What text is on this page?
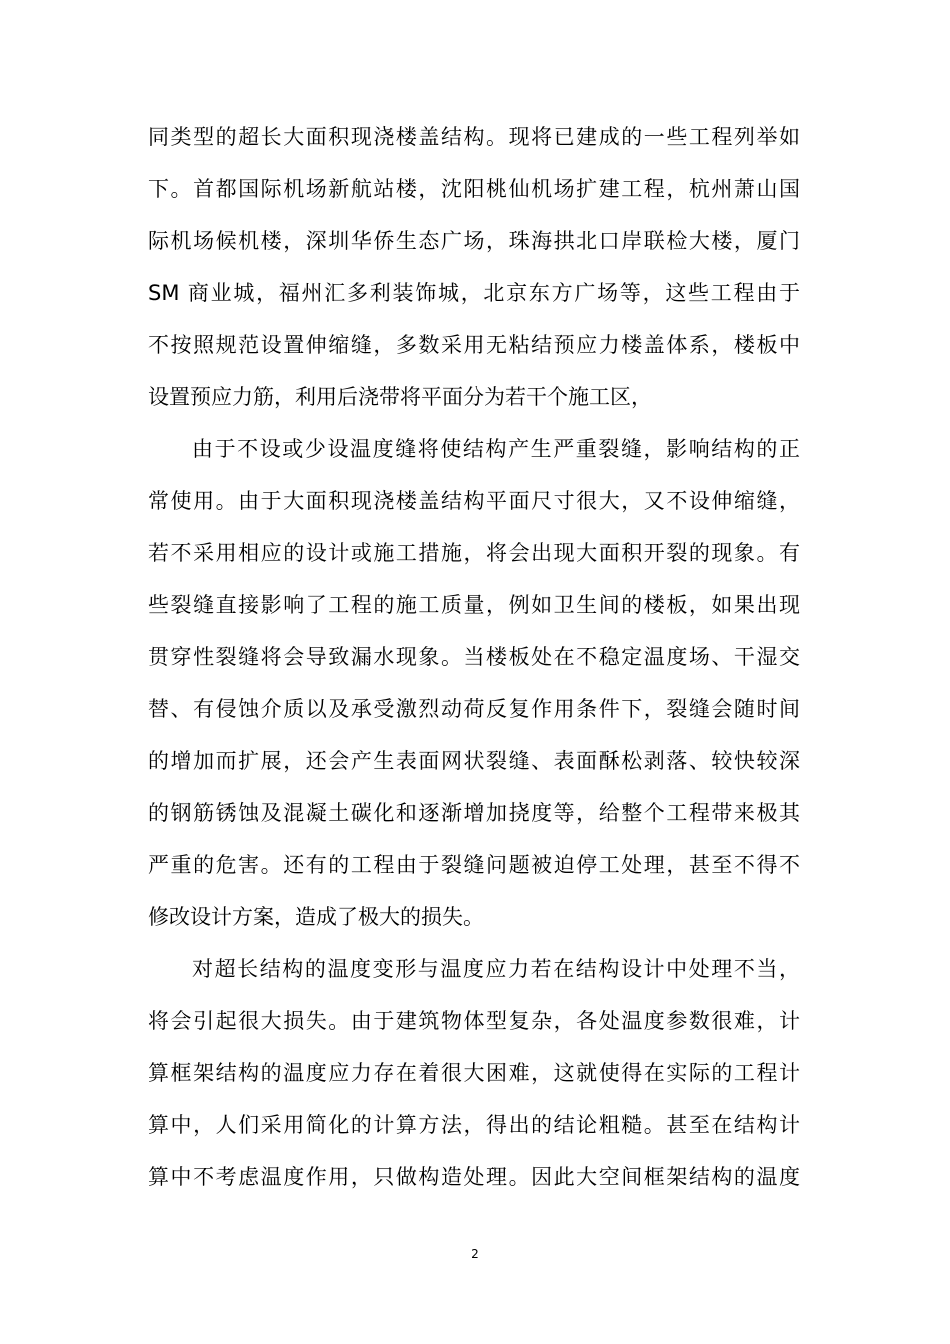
同类型的超长大面积现浇楼盖结构。现将已建成的一些工程列举如
下。首都国际机场新航站楼，沈阳桃仙机场扩建工程，杭州萧山国
际机场候机楼，深圳华侨生态广场，珠海拱北口岸联检大楼，厦门
SM 商业城，福州汇多利装饰城，北京东方广场等，这些工程由于
不按照规范设置伸缩缝，多数采用无粘结预应力楼盖体系，楼板中
设置预应力筋，利用后浇带将平面分为若干个施工区，
由于不设或少设温度缝将使结构产生严重裂缝，影响结构的正
常使用。由于大面积现浇楼盖结构平面尺寸很大，又不设伸缩缝，
若不采用相应的设计或施工措施，将会出现大面积开裂的现象。有
些裂缝直接影响了工程的施工质量，例如卫生间的楼板，如果出现
贯穿性裂缝将会导致漏水现象。当楼板处在不稳定温度场、干湿交
替、有侵蚀介质以及承受激烈动荷反复作用条件下，裂缝会随时间
的增加而扩展，还会产生表面网状裂缝、表面酥松剥落、较快较深
的钢筋锈蚀及混凝土碳化和逐渐增加挠度等，给整个工程带来极其
严重的危害。还有的工程由于裂缝问题被迫停工处理，甚至不得不
修改设计方案，造成了极大的损失。
对超长结构的温度变形与温度应力若在结构设计中处理不当，
将会引起很大损失。由于建筑物体型复杂，各处温度参数很难，计
算框架结构的温度应力存在着很大困难，这就使得在实际的工程计
算中，人们采用简化的计算方法，得出的结论粗糙。甚至在结构计
算中不考虑温度作用，只做构造处理。因此大空间框架结构的温度
2
